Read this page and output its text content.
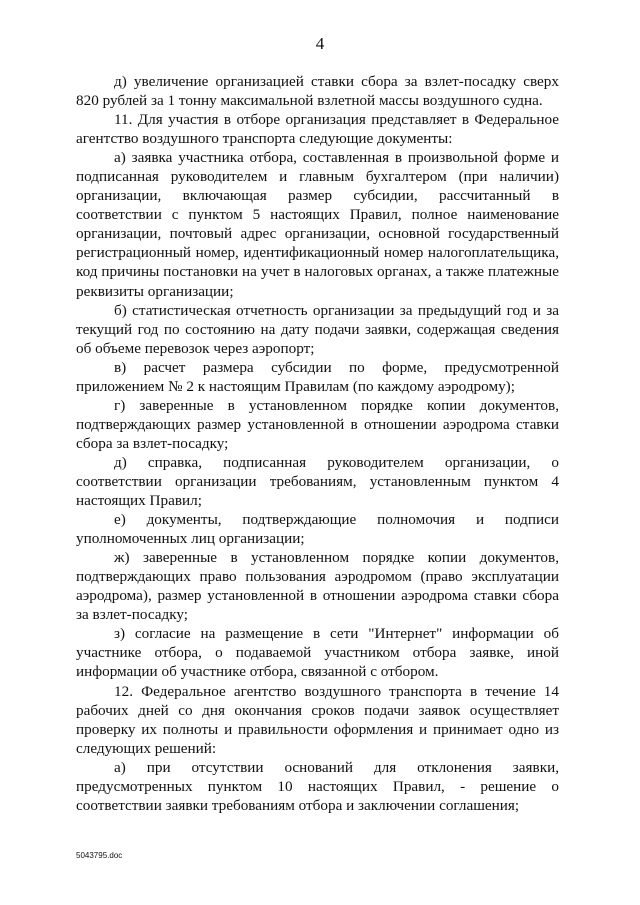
4

д) увеличение организацией ставки сбора за взлет-посадку сверх 820 рублей за 1 тонну максимальной взлетной массы воздушного судна.

11. Для участия в отборе организация представляет в Федеральное агентство воздушного транспорта следующие документы:

а) заявка участника отбора, составленная в произвольной форме и подписанная руководителем и главным бухгалтером (при наличии) организации, включающая размер субсидии, рассчитанный в соответствии с пунктом 5 настоящих Правил, полное наименование организации, почтовый адрес организации, основной государственный регистрационный номер, идентификационный номер налогоплательщика, код причины постановки на учет в налоговых органах, а также платежные реквизиты организации;

б) статистическая отчетность организации за предыдущий год и за текущий год по состоянию на дату подачи заявки, содержащая сведения об объеме перевозок через аэропорт;

в) расчет размера субсидии по форме, предусмотренной приложением № 2 к настоящим Правилам (по каждому аэродрому);

г) заверенные в установленном порядке копии документов, подтверждающих размер установленной в отношении аэродрома ставки сбора за взлет-посадку;

д) справка, подписанная руководителем организации, о соответствии организации требованиям, установленным пунктом 4 настоящих Правил;

е) документы, подтверждающие полномочия и подписи уполномоченных лиц организации;

ж) заверенные в установленном порядке копии документов, подтверждающих право пользования аэродромом (право эксплуатации аэродрома), размер установленной в отношении аэродрома ставки сбора за взлет-посадку;

з) согласие на размещение в сети "Интернет" информации об участнике отбора, о подаваемой участником отбора заявке, иной информации об участнике отбора, связанной с отбором.

12. Федеральное агентство воздушного транспорта в течение 14 рабочих дней со дня окончания сроков подачи заявок осуществляет проверку их полноты и правильности оформления и принимает одно из следующих решений:

а) при отсутствии оснований для отклонения заявки, предусмотренных пунктом 10 настоящих Правил, - решение о соответствии заявки требованиям отбора и заключении соглашения;

5043795.doc
